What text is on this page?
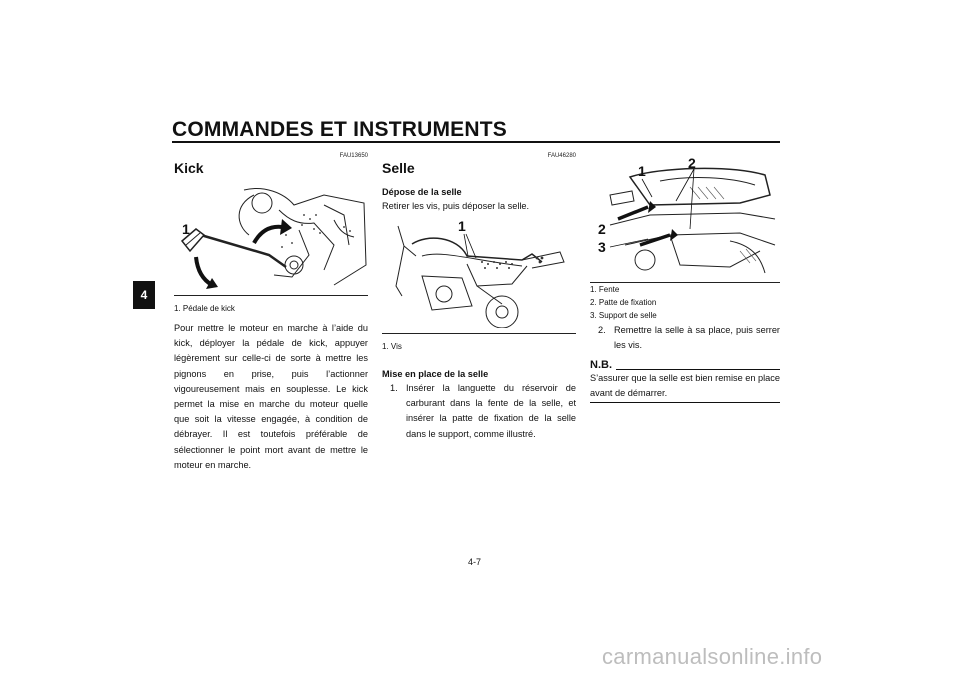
COMMANDES ET INSTRUMENTS
4
FAU13650
Kick
1
1. Pédale de kick
Pour mettre le moteur en marche à l’aide du kick, déployer la pédale de kick, appuyer légèrement sur celle-ci de sorte à mettre les pignons en prise, puis l’actionner vigoureusement mais en souplesse. Le kick permet la mise en marche du moteur quelle que soit la vitesse engagée, à condition de débrayer. Il est toutefois préférable de sélectionner le point mort avant de mettre le moteur en marche.
FAU46280
Selle
Dépose de la selle
Retirer les vis, puis déposer la selle.
1
1. Vis
Mise en place de la selle
1. Insérer la languette du réservoir de carburant dans la fente de la selle, et insérer la patte de fixation de la selle dans le support, comme illustré.
1	2
2
3
1. Fente
2. Patte de fixation
3. Support de selle
2. Remettre la selle à sa place, puis serrer les vis.
N.B.
S’assurer que la selle est bien remise en place avant de démarrer.
4-7
carmanualsonline.info
